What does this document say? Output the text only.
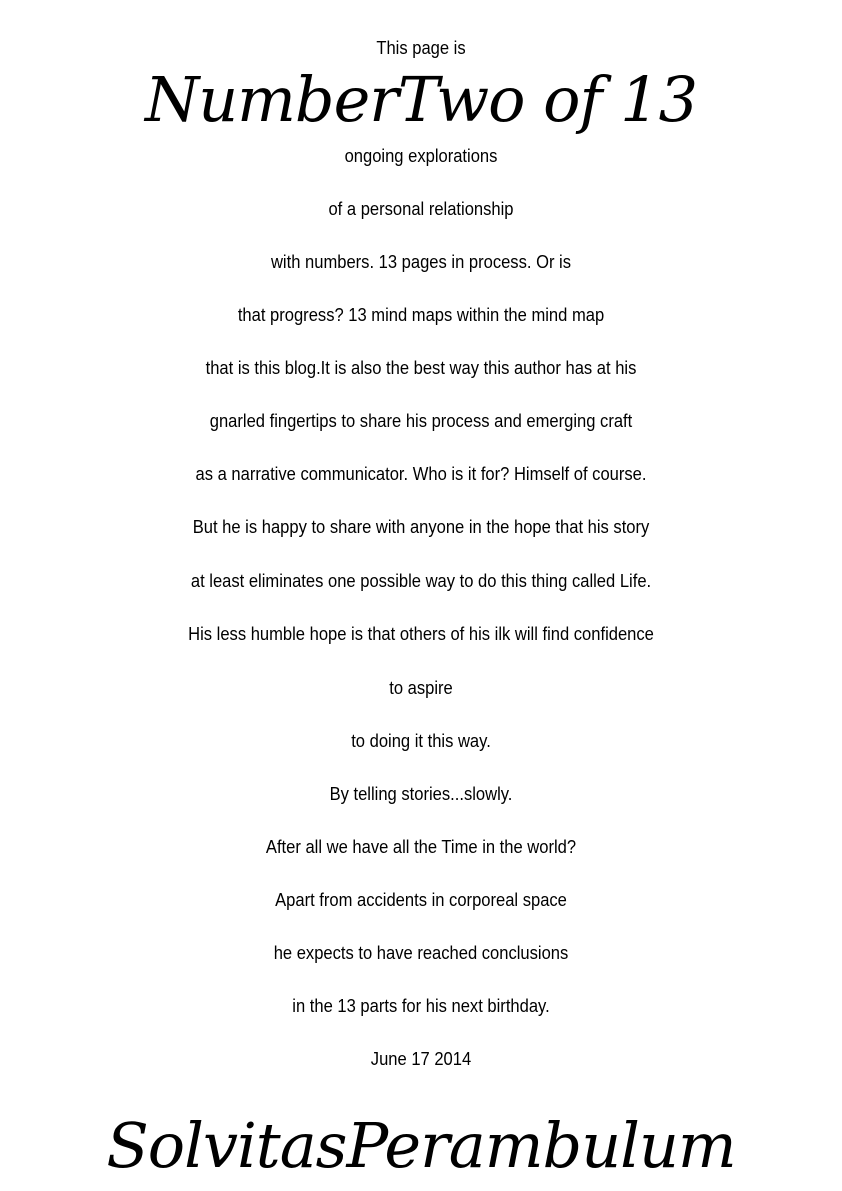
This page is
NumberTwo of 13
ongoing explorations
of a personal relationship
with numbers. 13 pages in process. Or is
that progress? 13 mind maps within the mind map
that is this blog.It is also the best way this author has at his
gnarled fingertips to share his process and emerging craft
as a narrative communicator. Who is it for? Himself of course.
But he is happy to share with anyone in the hope that his story
at least eliminates one possible way to do this thing called Life.
His less humble hope is that others of his ilk will find confidence
to aspire
to doing it this way.
By telling stories...slowly.
After all we have all the Time in the world?
Apart from accidents in corporeal space
he expects to have reached conclusions
in the 13 parts for his next birthday.
June 17 2014
SolvitasPerambulum
